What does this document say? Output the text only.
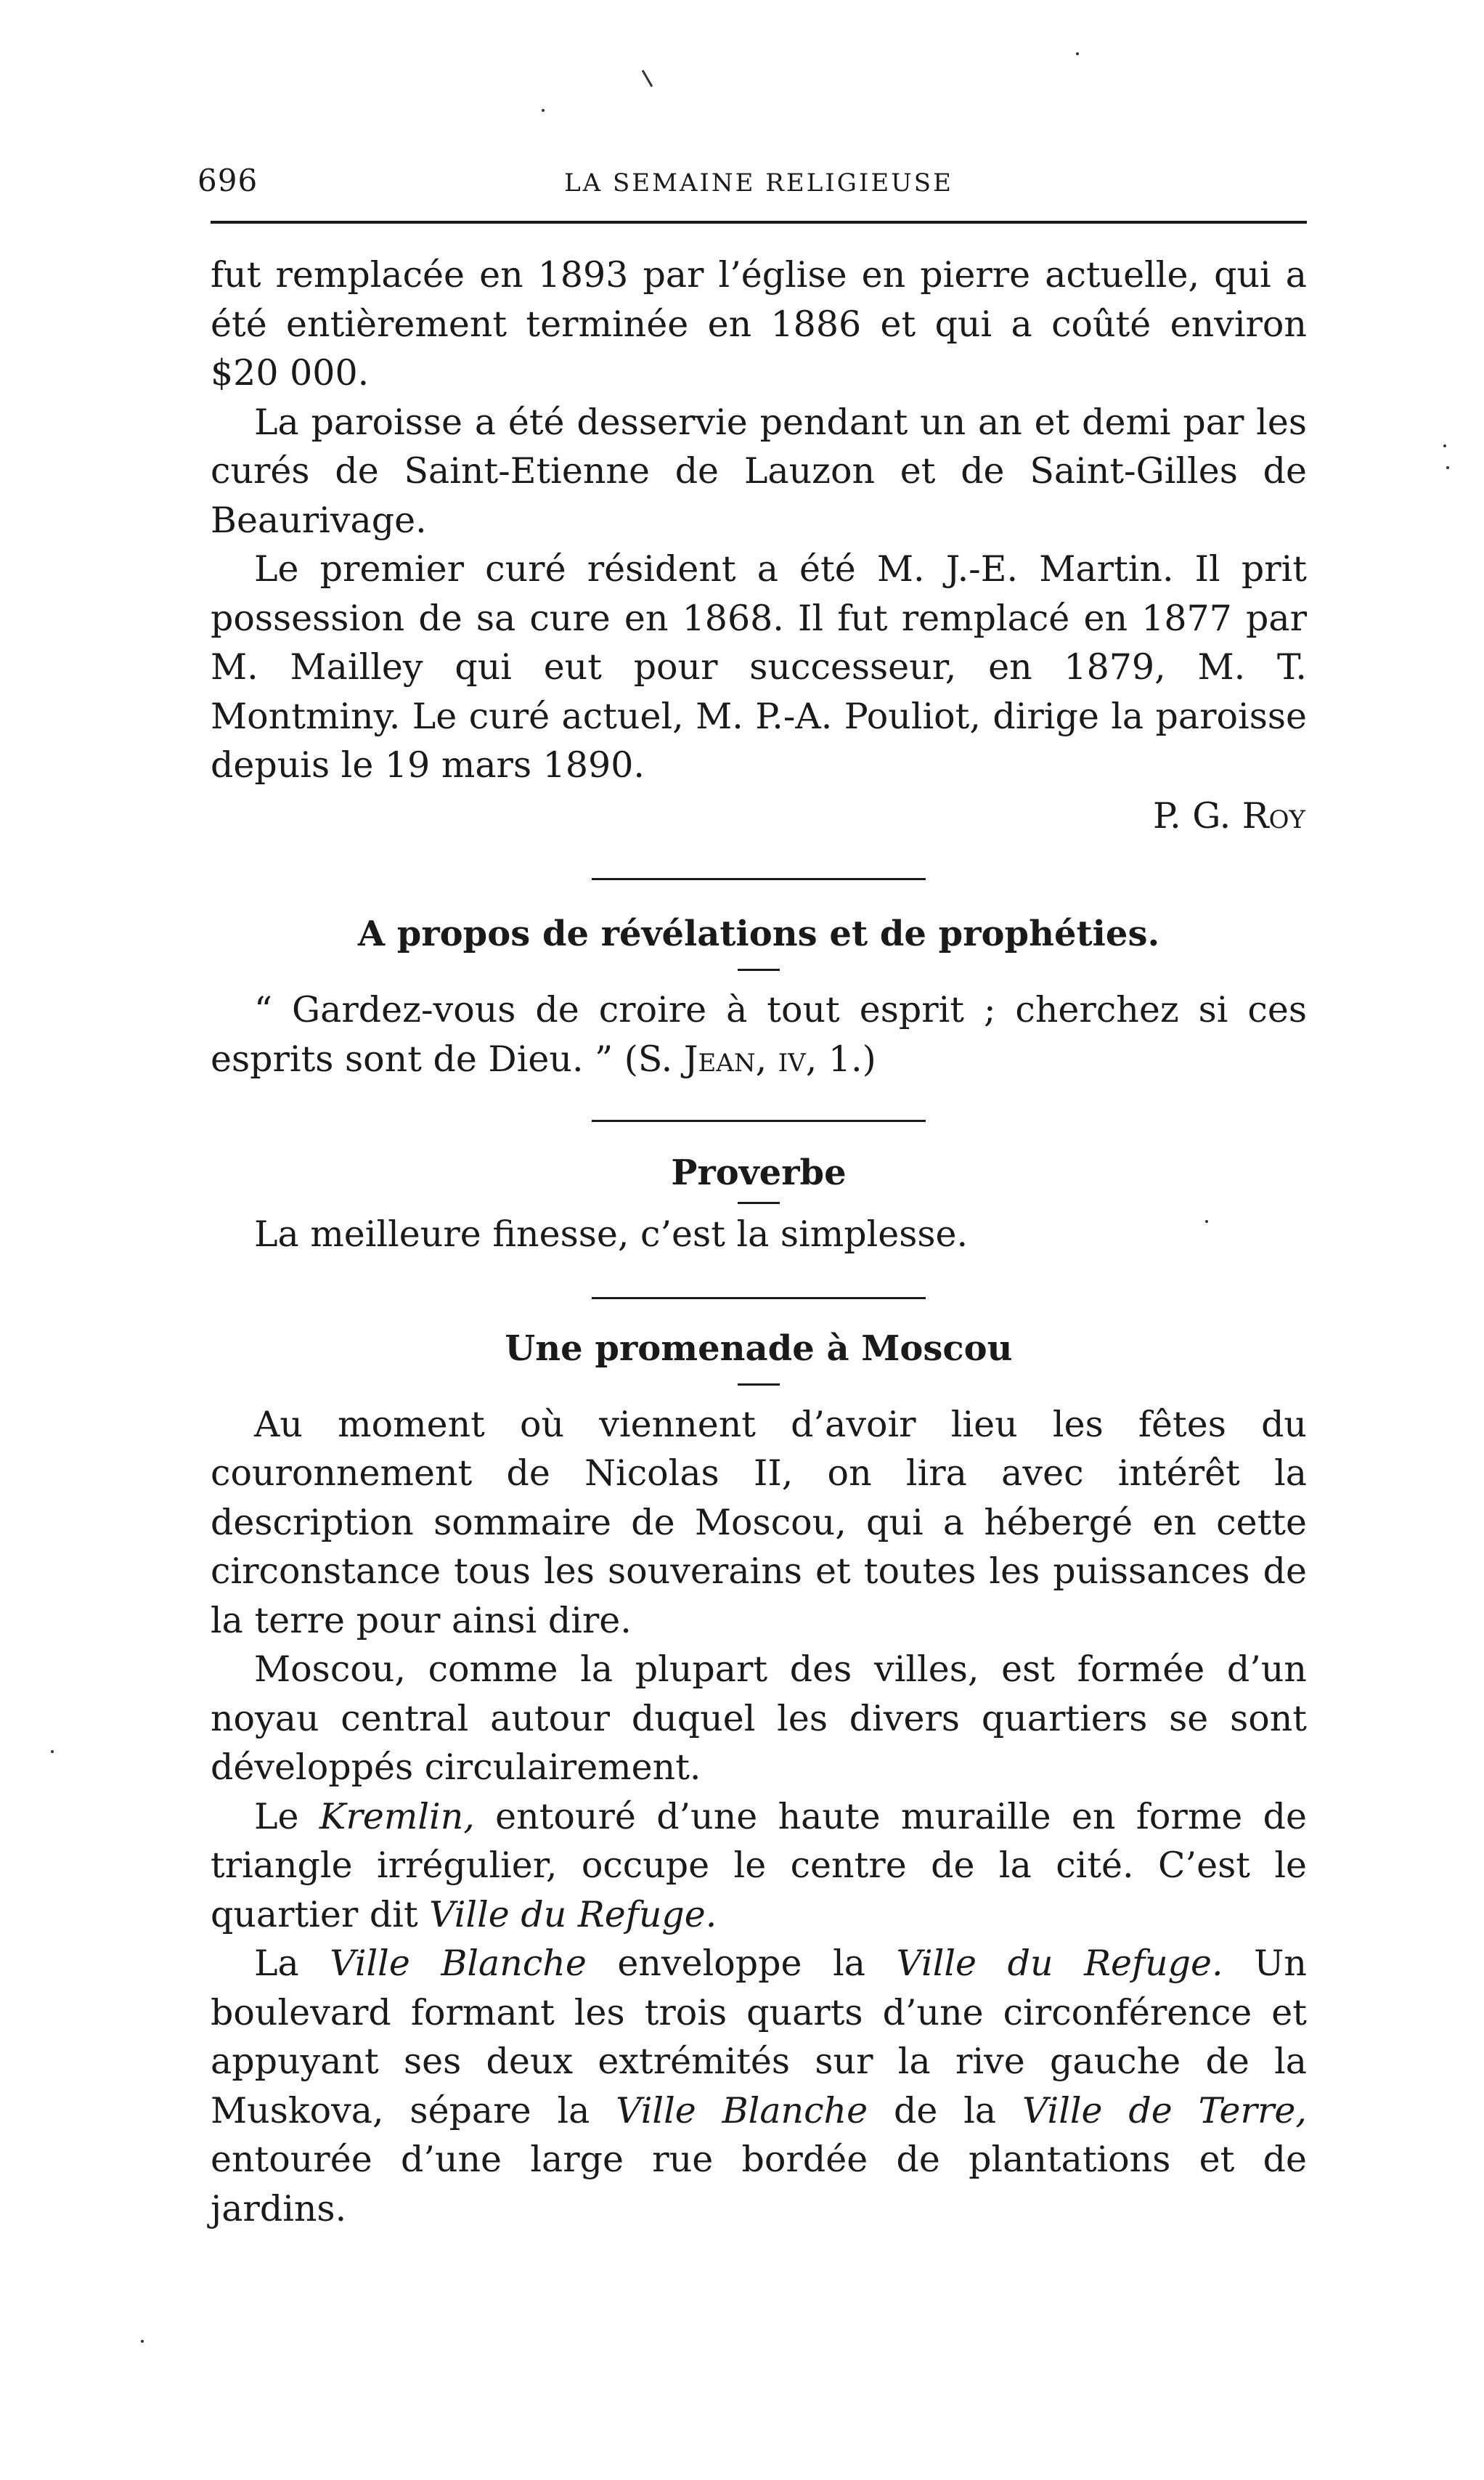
696	LA SEMAINE RELIGIEUSE

fut remplacée en 1893 par l’église en pierre actuelle, qui a été entièrement terminée en 1886 et qui a coûté environ $20 000.

La paroisse a été desservie pendant un an et demi par les curés de Saint-Etienne de Lauzon et de Saint-Gilles de Beaurivage.

Le premier curé résident a été M. J.-E. Martin. Il prit possession de sa cure en 1868. Il fut remplacé en 1877 par M. Mailley qui eut pour successeur, en 1879, M. T. Montminy. Le curé actuel, M. P.-A. Pouliot, dirige la paroisse depuis le 19 mars 1890.

P. G. Roy

A propos de révélations et de prophéties.

“ Gardez-vous de croire à tout esprit ; cherchez si ces esprits sont de Dieu. ” (S. Jean, iv, 1.)

Proverbe

La meilleure finesse, c’est la simplesse.

Une promenade à Moscou

Au moment où viennent d’avoir lieu les fêtes du couronnement de Nicolas II, on lira avec intérêt la description sommaire de Moscou, qui a hébergé en cette circonstance tous les souverains et toutes les puissances de la terre pour ainsi dire.

Moscou, comme la plupart des villes, est formée d’un noyau central autour duquel les divers quartiers se sont développés circulairement.

Le Kremlin, entouré d’une haute muraille en forme de triangle irrégulier, occupe le centre de la cité. C’est le quartier dit Ville du Refuge.

La Ville Blanche enveloppe la Ville du Refuge. Un boulevard formant les trois quarts d’une circonférence et appuyant ses deux extrémités sur la rive gauche de la Muskova, sépare la Ville Blanche de la Ville de Terre, entourée d’une large rue bordée de plantations et de jardins.
